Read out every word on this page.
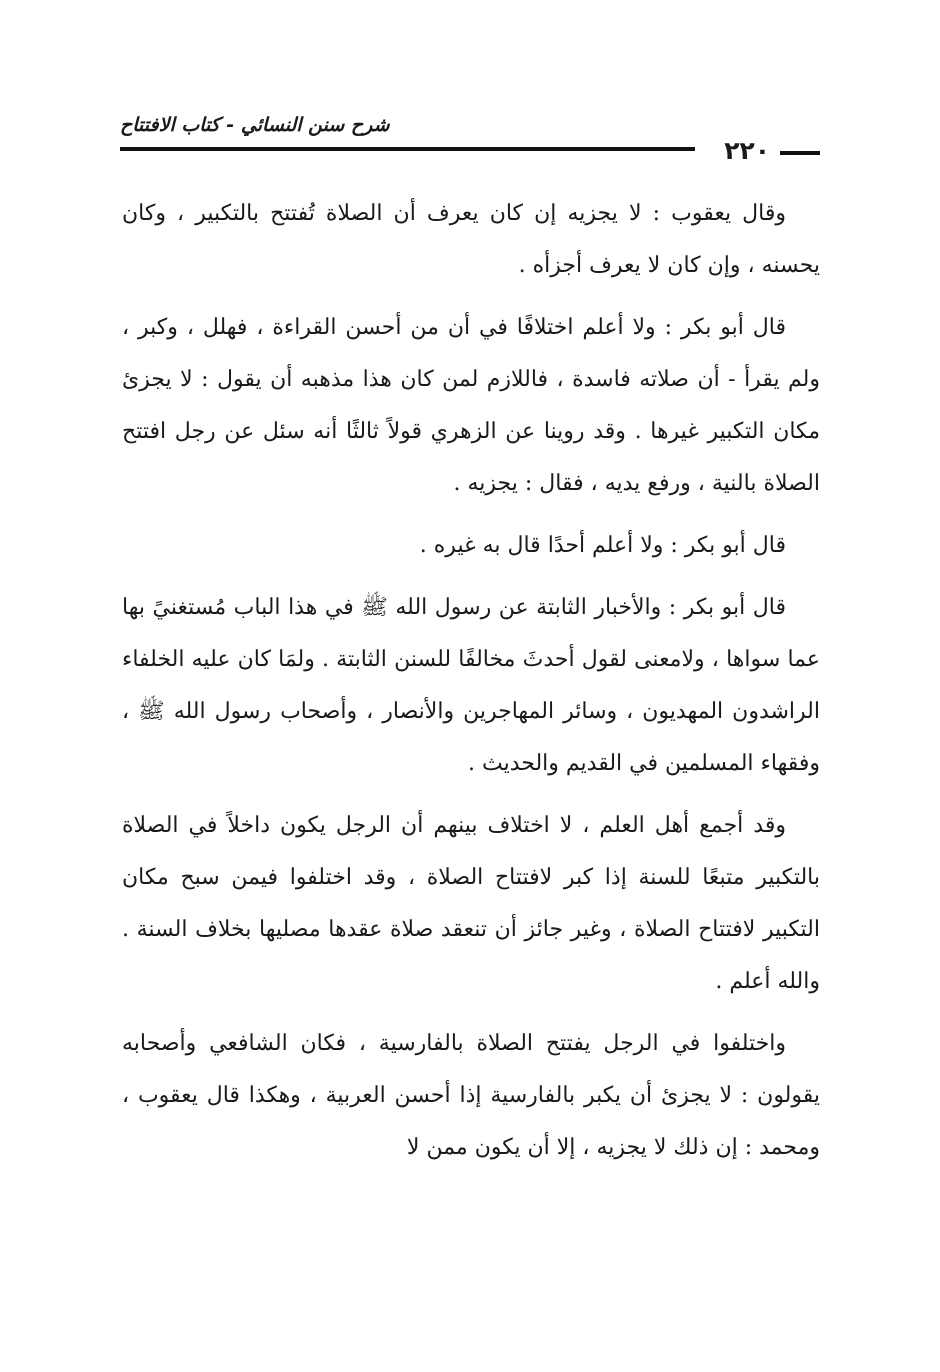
٢٢٠
شرح سنن النسائي - كتاب الافتتاح

وقال يعقوب : لا يجزيه إن كان يعرف أن الصلاة تُفتتح بالتكبير ، وكان يحسنه ، وإن كان لا يعرف أجزأه .

قال أبو بكر : ولا أعلم اختلافًا في أن من أحسن القراءة ، فهلل ، وكبر ، ولم يقرأ - أن صلاته فاسدة ، فاللازم لمن كان هذا مذهبه أن يقول : لا يجزئ مكان التكبير غيرها . وقد روينا عن الزهري قولاً ثالثًا أنه سئل عن رجل افتتح الصلاة بالنية ، ورفع يديه ، فقال : يجزيه .

قال أبو بكر : ولا أعلم أحدًا قال به غيره .

قال أبو بكر : والأخبار الثابتة عن رسول الله ﷺ في هذا الباب مُستغنيً بها عما سواها ، ولامعنى لقول أحدثَ مخالفًا للسنن الثابتة . ولمَا كان عليه الخلفاء الراشدون المهديون ، وسائر المهاجرين والأنصار ، وأصحاب رسول الله ﷺ ، وفقهاء المسلمين في القديم والحديث .

وقد أجمع أهل العلم ، لا اختلاف بينهم أن الرجل يكون داخلاً في الصلاة بالتكبير متبعًا للسنة إذا كبر لافتتاح الصلاة ، وقد اختلفوا فيمن سبح مكان التكبير لافتتاح الصلاة ، وغير جائز أن تنعقد صلاة عقدها مصليها بخلاف السنة . والله أعلم .

واختلفوا في الرجل يفتتح الصلاة بالفارسية ، فكان الشافعي وأصحابه يقولون : لا يجزئ أن يكبر بالفارسية إذا أحسن العربية ، وهكذا قال يعقوب ، ومحمد : إن ذلك لا يجزيه ، إلا أن يكون ممن لا
